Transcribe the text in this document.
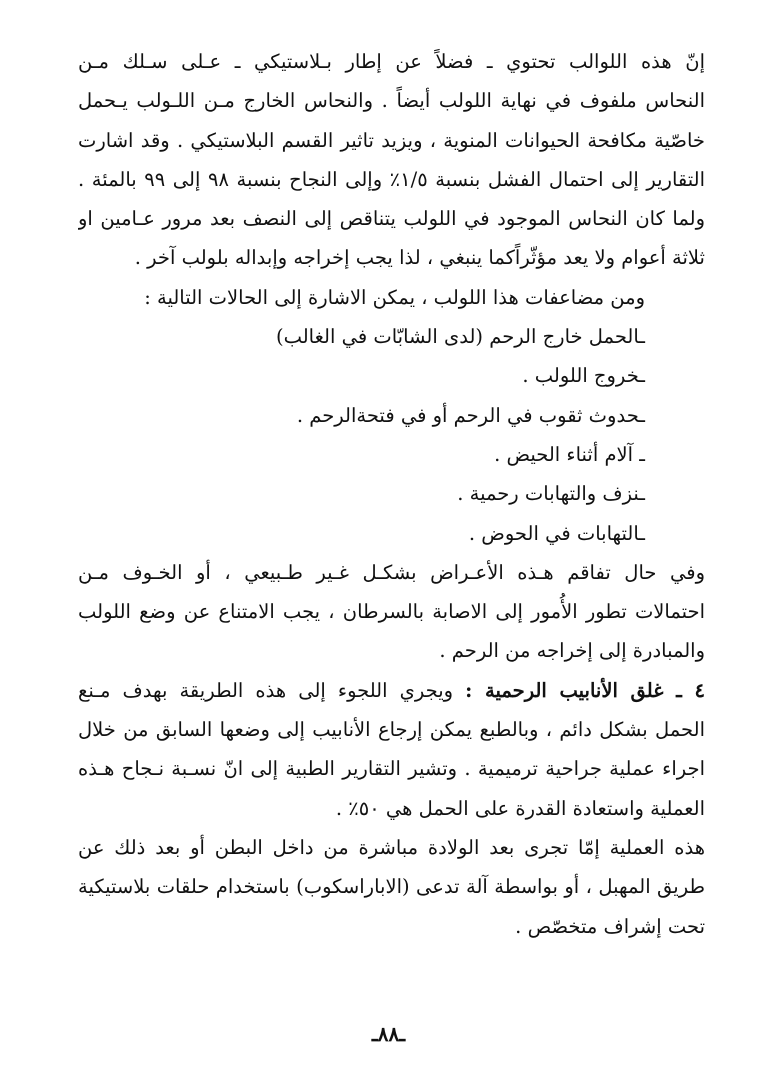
إنّ هذه اللوالب تحتوي ـ فضلاً عن إطار بـلاستيكي ـ عـلى سـلك مـن
النحاس ملفوف في نهاية اللولب أيضاً . والنحاس الخارج مـن اللـولب يـحمل
خاصّية مكافحة الحيوانات المنوية ، ويزيد تاثير القسم البلاستيكي . وقد اشارت
التقارير إلى احتمال الفشل بنسبة ١/٥٪ وإلى النجاح بنسبة ٩٨ إلى ٩٩ بالمئة .
ولما كان النحاس الموجود في اللولب يتناقص إلى النصف بعد مرور عـامين او
ثلاثة أعوام ولا يعد مؤثّراًكما ينبغي ، لذا يجب إخراجه وإبداله بلولب آخر .
ومن مضاعفات هذا اللولب ، يمكن الاشارة إلى الحالات التالية :
ـالحمل خارج الرحم (لدى الشابّات في الغالب)
ـخروج اللولب .
ـحدوث ثقوب في الرحم أو في فتحةالرحم .
ـ آلام أثناء الحيض .
ـنزف والتهابات رحمية .
ـالتهابات في الحوض .
وفي حال تفاقم هـذه الأعـراض بشكـل غـير طـبيعي ، أو الخـوف مـن
احتمالات تطور الأُمور إلى الاصابة بالسرطان ، يجب الامتناع عن وضع اللولب
والمبادرة إلى إخراجه من الرحم .
٤ ـ غلق الأنابيب الرحمية : ويجري اللجوء إلى هذه الطريقة بهدف مـنع
الحمل بشكل دائم ، وبالطبع يمكن إرجاع الأنابيب إلى وضعها السابق من خلال
اجراء عملية جراحية ترميمية . وتشير التقارير الطبية إلى انّ نسـبة نـجاح هـذه
العملية واستعادة القدرة على الحمل هي ٥٠٪ .
هذه العملية إمّا تجرى بعد الولادة مباشرة من داخل البطن أو بعد ذلك عن
طريق المهبل ، أو بواسطة آلة تدعى (الاباراسكوب) باستخدام حلقات بلاستيكية
تحت إشراف متخصّص .
ـ٨٨ـ
